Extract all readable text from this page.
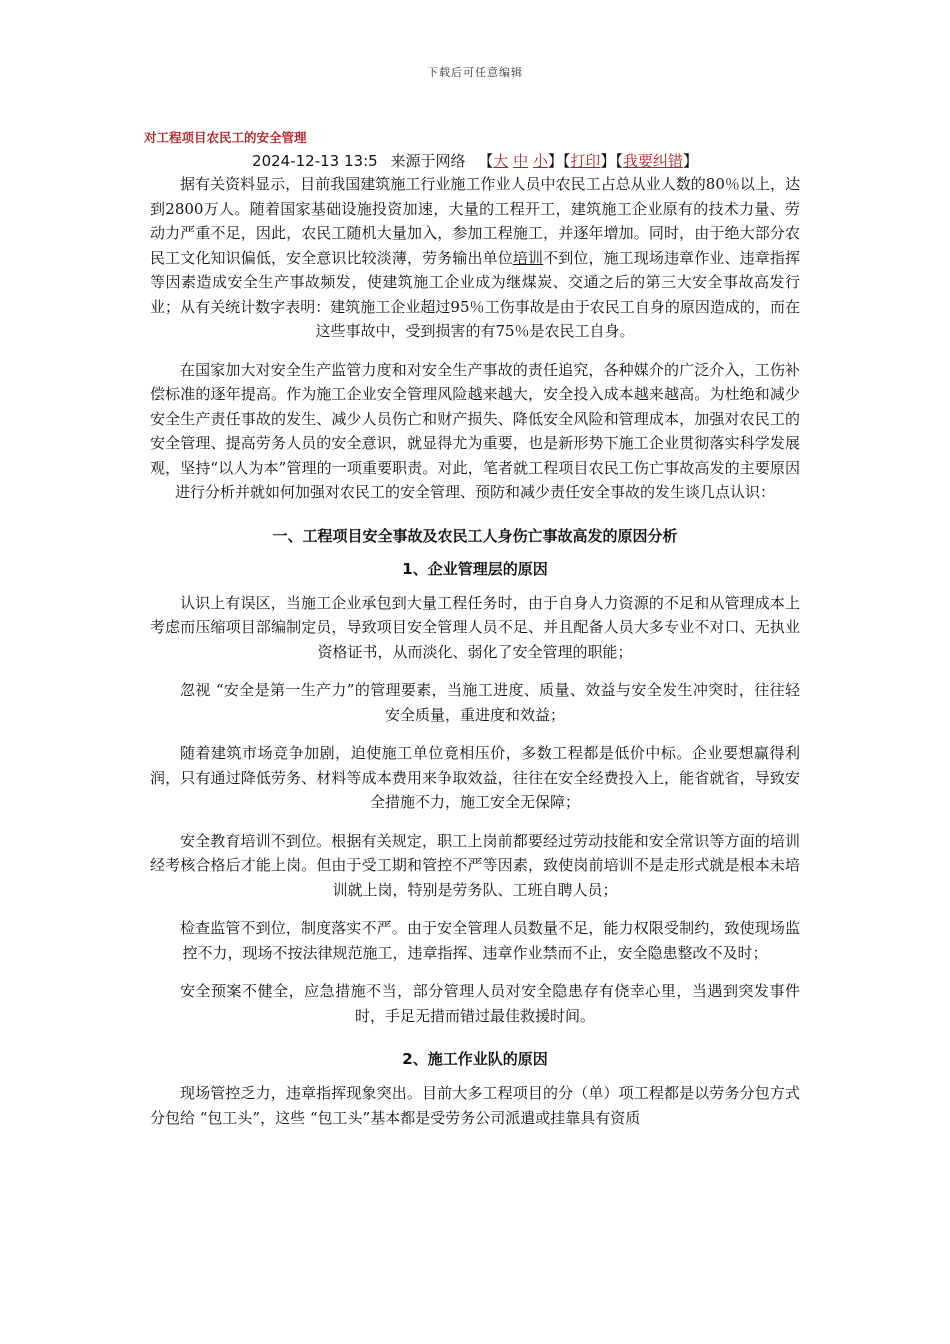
下载后可任意编辑
对工程项目农民工的安全管理
2024-12-13 13:5 来源于网络 【大 中 小】【打印】【我要纠错】

据有关资料显示，目前我国建筑施工行业施工作业人员中农民工占总从业人数的80％以上，达到2800万人。随着国家基础设施投资加速，大量的工程开工，建筑施工企业原有的技术力量、劳动力严重不足，因此，农民工随机大量加入，参加工程施工，并逐年增加。同时，由于绝大部分农民工文化知识偏低，安全意识比较淡薄，劳务输出单位培训不到位，施工现场违章作业、违章指挥等因素造成安全生产事故频发，使建筑施工企业成为继煤炭、交通之后的第三大安全事故高发行业；从有关统计数字表明：建筑施工企业超过95％工伤事故是由于农民工自身的原因造成的，而在这些事故中，受到损害的有75％是农民工自身。

在国家加大对安全生产监管力度和对安全生产事故的责任追究，各种媒介的广泛介入，工伤补偿标准的逐年提高。作为施工企业安全管理风险越来越大，安全投入成本越来越高。为杜绝和减少安全生产责任事故的发生、减少人员伤亡和财产损失、降低安全风险和管理成本，加强对农民工的安全管理、提高劳务人员的安全意识，就显得尤为重要，也是新形势下施工企业贯彻落实科学发展观，坚持“以人为本”管理的一项重要职责。对此，笔者就工程项目农民工伤亡事故高发的主要原因进行分析并就如何加强对农民工的安全管理、预防和减少责任安全事故的发生谈几点认识：

一、工程项目安全事故及农民工人身伤亡事故高发的原因分析
1、企业管理层的原因

认识上有误区，当施工企业承包到大量工程任务时，由于自身人力资源的不足和从管理成本上考虑而压缩项目部编制定员，导致项目安全管理人员不足、并且配备人员大多专业不对口、无执业资格证书，从而淡化、弱化了安全管理的职能；

忽视 “安全是第一生产力”的管理要素，当施工进度、质量、效益与安全发生冲突时，往往轻安全质量，重进度和效益；

随着建筑市场竞争加剧，迫使施工单位竟相压价，多数工程都是低价中标。企业要想赢得利润，只有通过降低劳务、材料等成本费用来争取效益，往往在安全经费投入上，能省就省，导致安全措施不力，施工安全无保障；

安全教育培训不到位。根据有关规定，职工上岗前都要经过劳动技能和安全常识等方面的培训经考核合格后才能上岗。但由于受工期和管控不严等因素，致使岗前培训不是走形式就是根本未培训就上岗，特别是劳务队、工班自聘人员；

检查监管不到位，制度落实不严。由于安全管理人员数量不足，能力权限受制约，致使现场监控不力，现场不按法律规范施工，违章指挥、违章作业禁而不止，安全隐患整改不及时；

安全预案不健全，应急措施不当，部分管理人员对安全隐患存有侥幸心里，当遇到突发事件时，手足无措而错过最佳救援时间。

2、施工作业队的原因

现场管控乏力，违章指挥现象突出。目前大多工程项目的分（单）项工程都是以劳务分包方式分包给 “包工头”，这些 “包工头”基本都是受劳务公司派遣或挂靠具有资质
